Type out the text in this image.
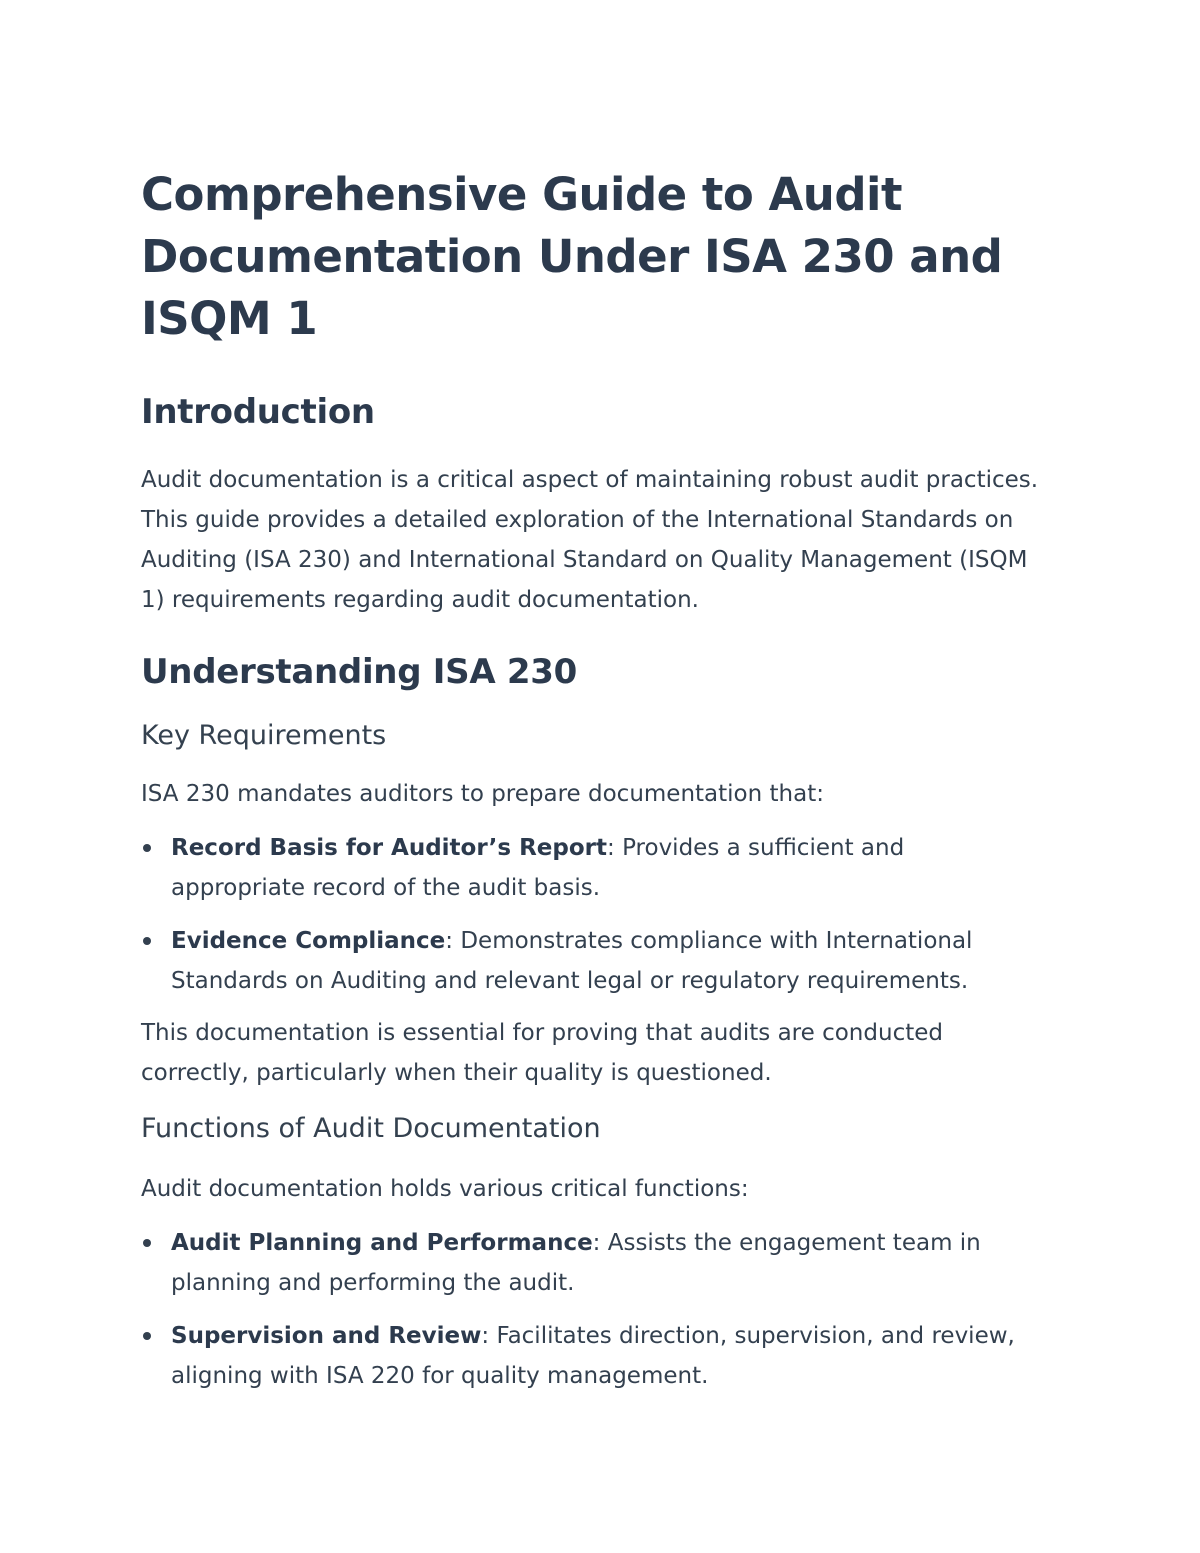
Comprehensive Guide to Audit Documentation Under ISA 230 and ISQM 1
Introduction

Audit documentation is a critical aspect of maintaining robust audit practices. This guide provides a detailed exploration of the International Standards on Auditing (ISA 230) and International Standard on Quality Management (ISQM 1) requirements regarding audit documentation.

Understanding ISA 230
Key Requirements

ISA 230 mandates auditors to prepare documentation that:

Record Basis for Auditor’s Report: Provides a sufficient and appropriate record of the audit basis.
Evidence Compliance: Demonstrates compliance with International Standards on Auditing and relevant legal or regulatory requirements.

This documentation is essential for proving that audits are conducted correctly, particularly when their quality is questioned.

Functions of Audit Documentation

Audit documentation holds various critical functions:

Audit Planning and Performance: Assists the engagement team in planning and performing the audit.
Supervision and Review: Facilitates direction, supervision, and review, aligning with ISA 220 for quality management.
